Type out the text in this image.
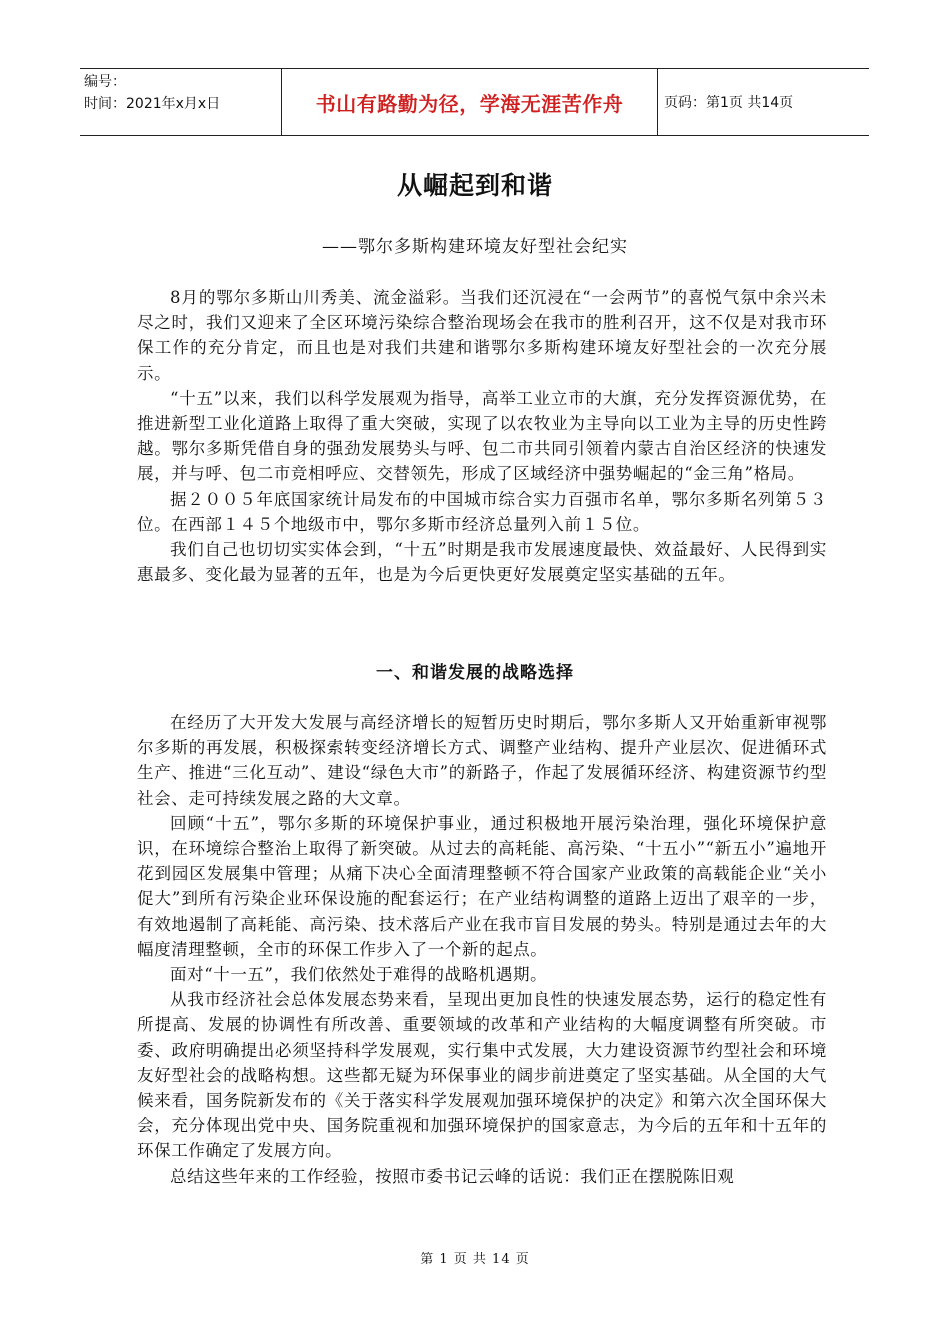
编号：
时间：2021年x月x日	书山有路勤为径，学海无涯苦作舟	页码：第1页 共14页
从崛起到和谐
——鄂尔多斯构建环境友好型社会纪实

8月的鄂尔多斯山川秀美、流金溢彩。当我们还沉浸在“一会两节”的喜悦气氛中余兴未尽之时，我们又迎来了全区环境污染综合整治现场会在我市的胜利召开，这不仅是对我市环保工作的充分肯定，而且也是对我们共建和谐鄂尔多斯构建环境友好型社会的一次充分展示。

“十五”以来，我们以科学发展观为指导，高举工业立市的大旗，充分发挥资源优势，在推进新型工业化道路上取得了重大突破，实现了以农牧业为主导向以工业为主导的历史性跨越。鄂尔多斯凭借自身的强劲发展势头与呼、包二市共同引领着内蒙古自治区经济的快速发展，并与呼、包二市竞相呼应、交替领先，形成了区域经济中强势崛起的“金三角”格局。

据２００５年底国家统计局发布的中国城市综合实力百强市名单，鄂尔多斯名列第５３位。在西部１４５个地级市中，鄂尔多斯市经济总量列入前１５位。

我们自己也切切实实体会到，“十五”时期是我市发展速度最快、效益最好、人民得到实惠最多、变化最为显著的五年，也是为今后更快更好发展奠定坚实基础的五年。

一、和谐发展的战略选择

在经历了大开发大发展与高经济增长的短暂历史时期后，鄂尔多斯人又开始重新审视鄂尔多斯的再发展，积极探索转变经济增长方式、调整产业结构、提升产业层次、促进循环式生产、推进“三化互动”、建设“绿色大市”的新路子，作起了发展循环经济、构建资源节约型社会、走可持续发展之路的大文章。

回顾“十五”，鄂尔多斯的环境保护事业，通过积极地开展污染治理，强化环境保护意识，在环境综合整治上取得了新突破。从过去的高耗能、高污染、“十五小”“新五小”遍地开花到园区发展集中管理；从痛下决心全面清理整顿不符合国家产业政策的高载能企业“关小促大”到所有污染企业环保设施的配套运行；在产业结构调整的道路上迈出了艰辛的一步，有效地遏制了高耗能、高污染、技术落后产业在我市盲目发展的势头。特别是通过去年的大幅度清理整顿，全市的环保工作步入了一个新的起点。

面对“十一五”，我们依然处于难得的战略机遇期。

从我市经济社会总体发展态势来看，呈现出更加良性的快速发展态势，运行的稳定性有所提高、发展的协调性有所改善、重要领域的改革和产业结构的大幅度调整有所突破。市委、政府明确提出必须坚持科学发展观，实行集中式发展，大力建设资源节约型社会和环境友好型社会的战略构想。这些都无疑为环保事业的阔步前进奠定了坚实基础。从全国的大气候来看，国务院新发布的《关于落实科学发展观加强环境保护的决定》和第六次全国环保大会，充分体现出党中央、国务院重视和加强环境保护的国家意志，为今后的五年和十五年的环保工作确定了发展方向。

总结这些年来的工作经验，按照市委书记云峰的话说：我们正在摆脱陈旧观

第 1 页 共 14 页
